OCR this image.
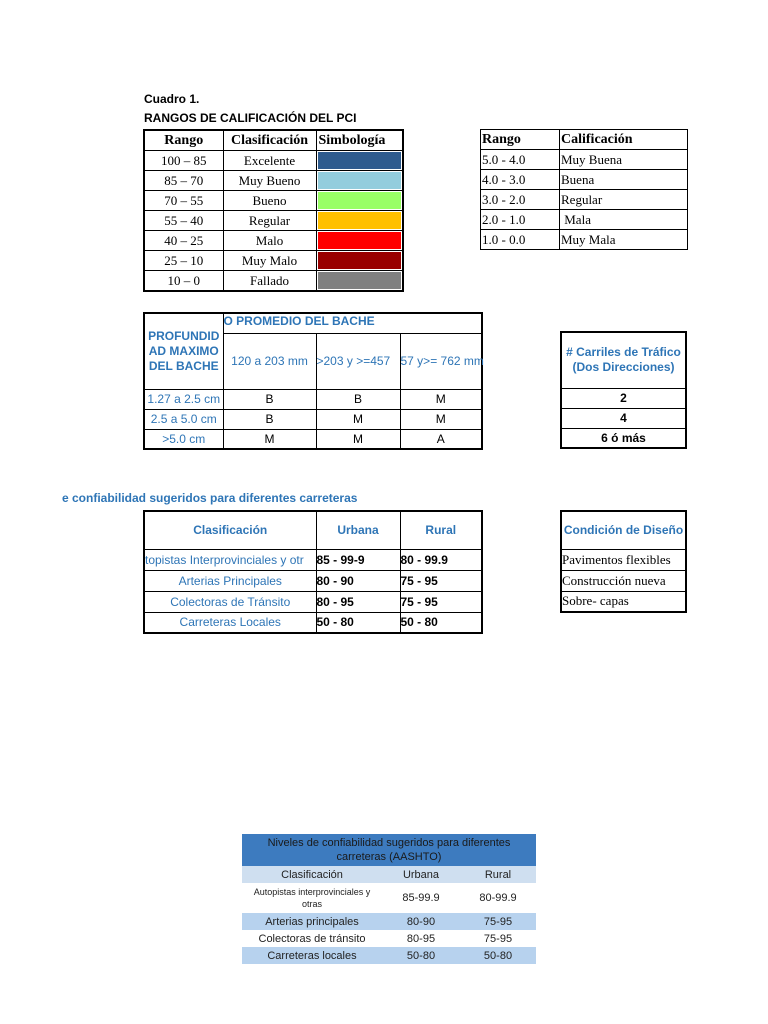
Cuadro 1.
RANGOS DE CALIFICACIÓN DEL PCI
Rango	Clasificación	Simbología
100 – 85	Excelente	

85 – 70	Muy Bueno	

70 – 55	Bueno	

55 – 40	Regular	

40 – 25	Malo	

25 – 10	Muy Malo	

10 – 0	Fallado	
Rango	Calificación
5.0 - 4.0	Muy Buena
4.0 - 3.0	Buena
3.0 - 2.0	Regular
2.0 - 1.0	Mala
1.0 - 0.0	Muy Mala
PROFUNDID
AD MAXIMO
DEL BACHE	O PROMEDIO DEL BACHE		
	120 a 203 mm	>203 y >=457	57 y>= 762 mm
1.27 a 2.5 cm	B	B	M
2.5 a 5.0 cm	B	M	M
>5.0 cm	M	M	A
# Carriles de Tráfico
(Dos Direcciones)

2
4
6 ó más
e confiabilidad sugeridos para diferentes carreteras
Clasificación	Urbana	Rural
topistas Interprovinciales y otr	85 - 99-9	80 - 99.9
Arterias Principales	80 - 90	75 - 95
Colectoras de Tránsito	80 - 95	75 - 95
Carreteras Locales	50 - 80	50 - 80
Condición de Diseño
Pavimentos flexibles
Construcción nueva
Sobre- capas
Niveles de confiabilidad sugeridos para diferentes
carreteras (AASHTO)		

Clasificación	Urbana	Rural

Autopistas interprovinciales y
otras	85-99.9	80-99.9
Arterias principales	80-90	75-95
Colectoras de tránsito	80-95	75-95
Carreteras locales	50-80	50-80
